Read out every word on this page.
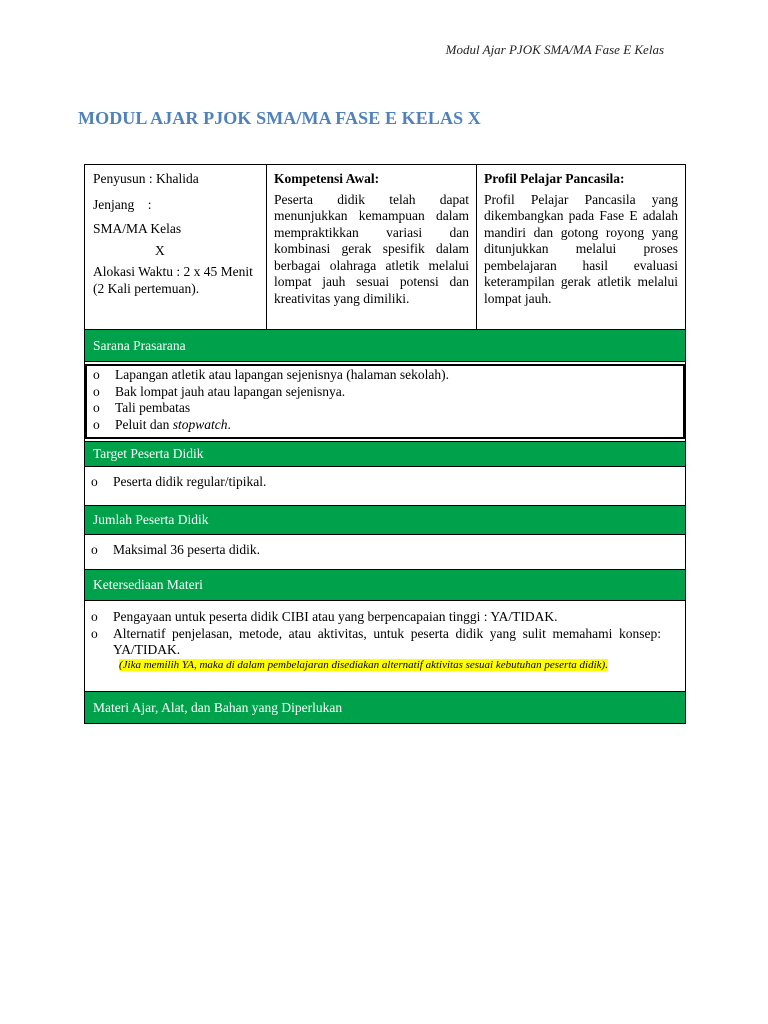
Modul Ajar PJOK SMA/MA Fase E Kelas
MODUL AJAR PJOK SMA/MA FASE E KELAS X
Penyusun : Khalida
Jenjang    :
SMA/MA Kelas
X
Alokasi Waktu : 2 x 45 Menit (2 Kali pertemuan).
Kompetensi Awal:
Peserta didik telah dapat menunjukkan kemampuan dalam mempraktikkan variasi dan kombinasi gerak spesifik dalam berbagai olahraga atletik melalui lompat jauh sesuai potensi dan kreativitas yang dimiliki.
Profil Pelajar Pancasila:
Profil Pelajar Pancasila yang dikembangkan pada Fase E adalah mandiri dan gotong royong yang ditunjukkan melalui proses pembelajaran hasil evaluasi keterampilan gerak atletik melalui lompat jauh.
Sarana Prasarana
o	Lapangan atletik atau lapangan sejenisnya (halaman sekolah).
o	Bak lompat jauh atau lapangan sejenisnya.
o	Tali pembatas
o	Peluit dan stopwatch.
Target Peserta Didik
o	Peserta didik regular/tipikal.
Jumlah Peserta Didik
o	Maksimal 36 peserta didik.
Ketersediaan Materi
o	Pengayaan untuk peserta didik CIBI atau yang berpencapaian tinggi : YA/TIDAK.
o	Alternatif penjelasan, metode, atau aktivitas, untuk peserta didik yang sulit memahami konsep: YA/TIDAK.
(Jika memilih YA, maka di dalam pembelajaran disediakan alternatif aktivitas sesuai kebutuhan peserta didik).
Materi Ajar, Alat, dan Bahan yang Diperlukan
